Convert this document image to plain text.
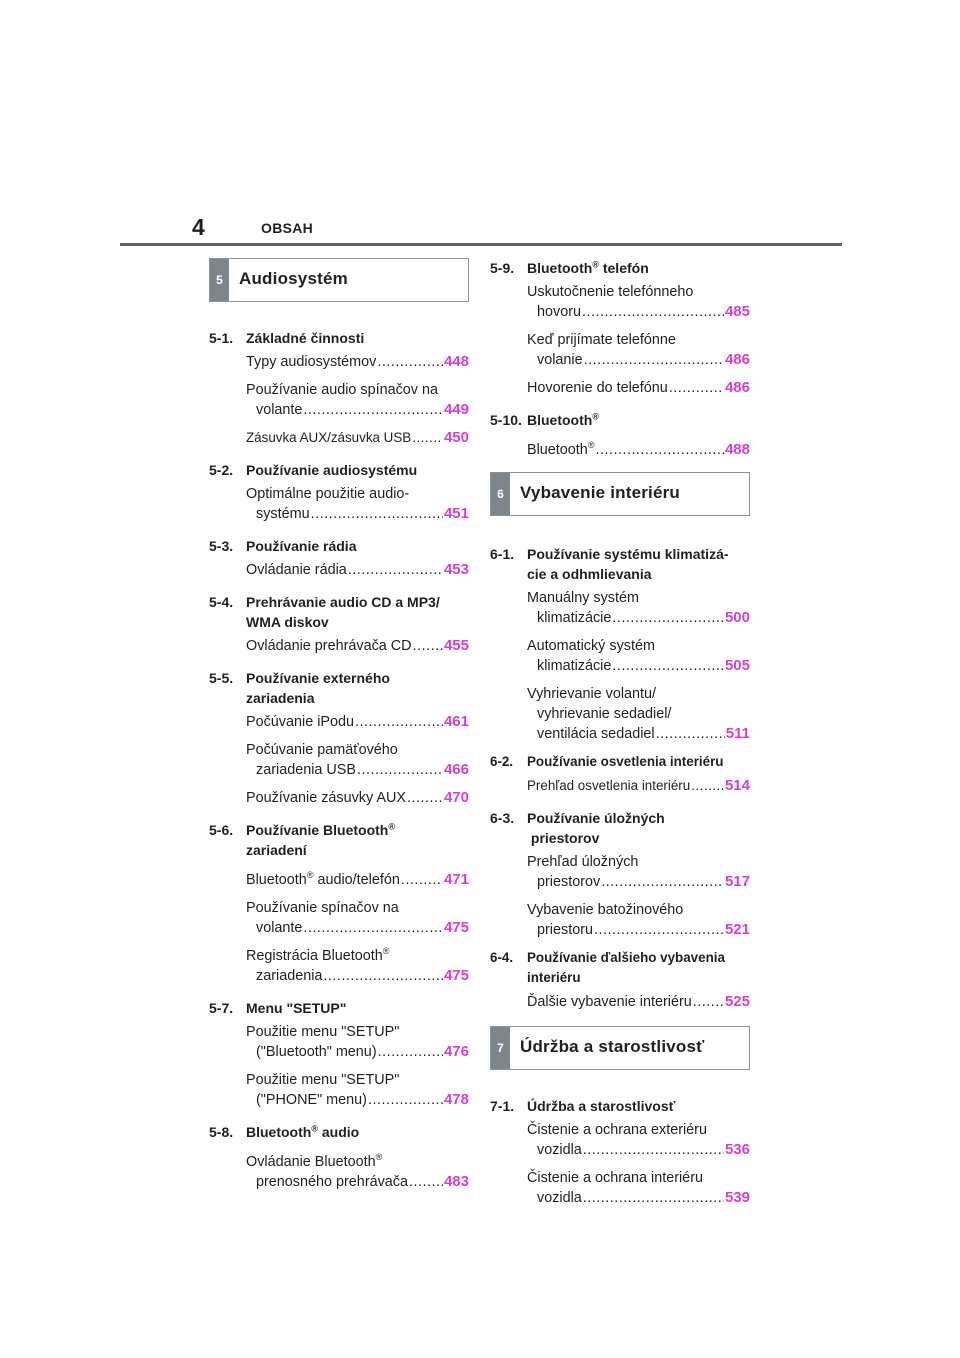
4	OBSAH
5 Audiosystém
5-1. Základné činnosti
Typy audiosystémov .....	448
Používanie audio spínačov na
volante .....	449
Zásuvka AUX/zásuvka USB ..... 450
5-2. Používanie audiosystému
Optimálne použitie audio-
systému .....	451
5-3. Používanie rádia
Ovládanie rádia .....	453
5-4. Prehrávanie audio CD a MP3/
WMA diskov
Ovládanie prehrávača CD ..... 455
5-5. Používanie externého
zariadenia
Počúvanie iPodu .....	461
Počúvanie pamäťového
zariadenia USB .....	466
Používanie zásuvky AUX .....	470
5-6. Používanie Bluetooth®
zariadení
Bluetooth® audio/telefón .....	471
Používanie spínačov na
volante .....	475
Registrácia Bluetooth®
zariadenia .....	475
5-7. Menu "SETUP"
Použitie menu "SETUP"
("Bluetooth" menu) .....	476
Použitie menu "SETUP"
("PHONE" menu) .....	478
5-8. Bluetooth® audio
Ovládanie Bluetooth®
prenosného prehrávača ..... 483
5-9. Bluetooth® telefón
Uskutočnenie telefónneho
hovoru .....	485
Keď prijímate telefónne
volanie .....	486
Hovorenie do telefónu .....	486
5-10. Bluetooth®
Bluetooth® .....	488
6 Vybavenie interiéru
6-1. Používanie systému klimatizá-
cie a odhmlievania
Manuálny systém
klimatizácie .....	500
Automatický systém
klimatizácie .....	505
Vyhrievanie volantu/
vyhrievanie sedadiel/
ventilácia sedadiel .....	511
6-2. Používanie osvetlenia interiéru
Prehľad osvetlenia interiéru ..... 514
6-3. Používanie úložných
priestorov
Prehľad úložných
priestorov .....	517
Vybavenie batožinového
priestoru .....	521
6-4. Používanie ďalšieho vybavenia
interiéru
Ďalšie vybavenie interiéru ..... 525
7 Údržba a starostlivosť
7-1. Údržba a starostlivosť
Čistenie a ochrana exteriéru
vozidla .....	536
Čistenie a ochrana interiéru
vozidla .....	539
